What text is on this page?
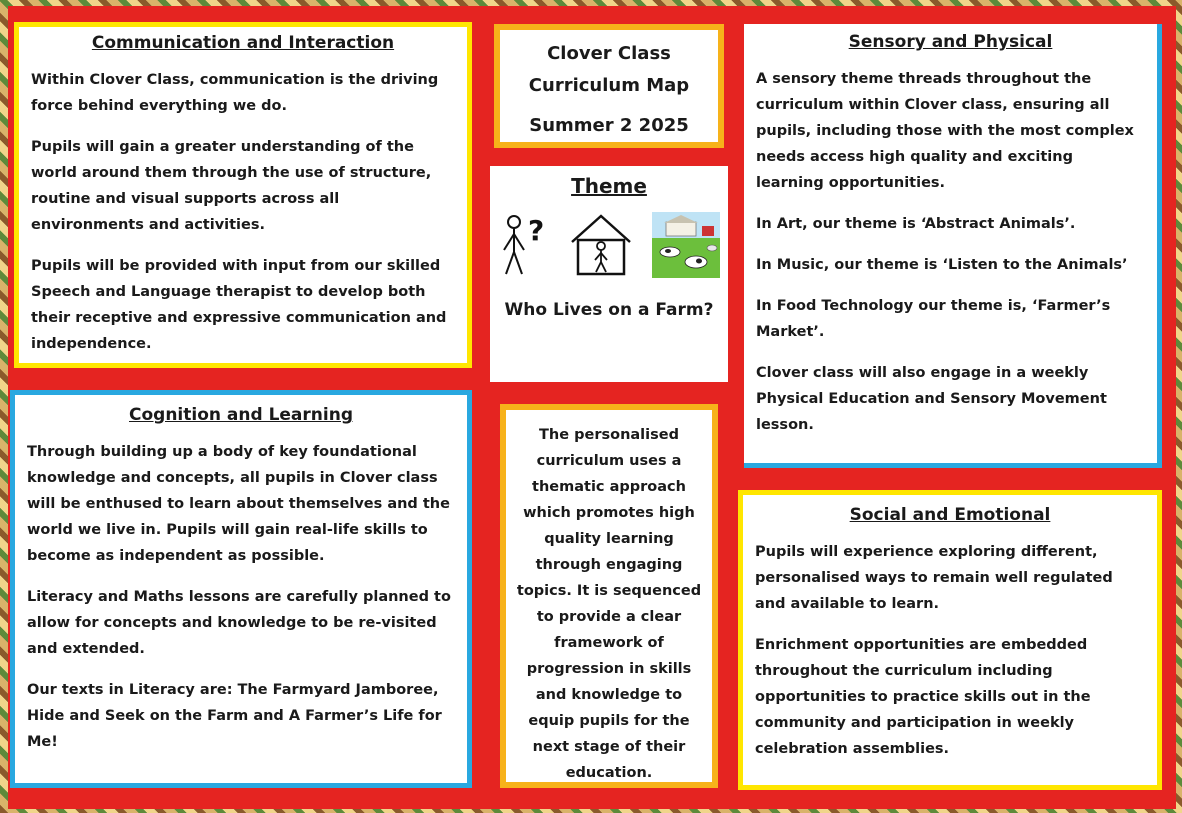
Communication and Interaction

Within Clover Class, communication is the driving force behind everything we do.

Pupils will gain a greater understanding of the world around them through the use of structure, routine and visual supports across all environments and activities.

Pupils will be provided with input from our skilled Speech and Language therapist to develop both their receptive and expressive communication and independence.

Clover Class
Curriculum Map
Summer 2 2025
Theme
?
Who Lives on a Farm?
Sensory and Physical

A sensory theme threads throughout the curriculum within Clover class, ensuring all pupils, including those with the most complex needs access high quality and exciting learning opportunities.

In Art, our theme is ‘Abstract Animals’.

In Music, our theme is ‘Listen to the Animals’

In Food Technology our theme is, ‘Farmer’s Market’.

Clover class will also engage in a weekly Physical Education and Sensory Movement lesson.

Cognition and Learning

Through building up a body of key foundational knowledge and concepts, all pupils in Clover class will be enthused to learn about themselves and the world we live in. Pupils will gain real-life skills to become as independent as possible.

Literacy and Maths lessons are carefully planned to allow for concepts and knowledge to be re-visited and extended.

Our texts in Literacy are: The Farmyard Jamboree, Hide and Seek on the Farm and A Farmer’s Life for Me!

The personalised curriculum uses a thematic approach which promotes high quality learning through engaging topics. It is sequenced to provide a clear framework of progression in skills and knowledge to equip pupils for the next stage of their education.
Social and Emotional

Pupils will experience exploring different, personalised ways to remain well regulated and available to learn.

Enrichment opportunities are embedded throughout the curriculum including opportunities to practice skills out in the community and participation in weekly celebration assemblies.
